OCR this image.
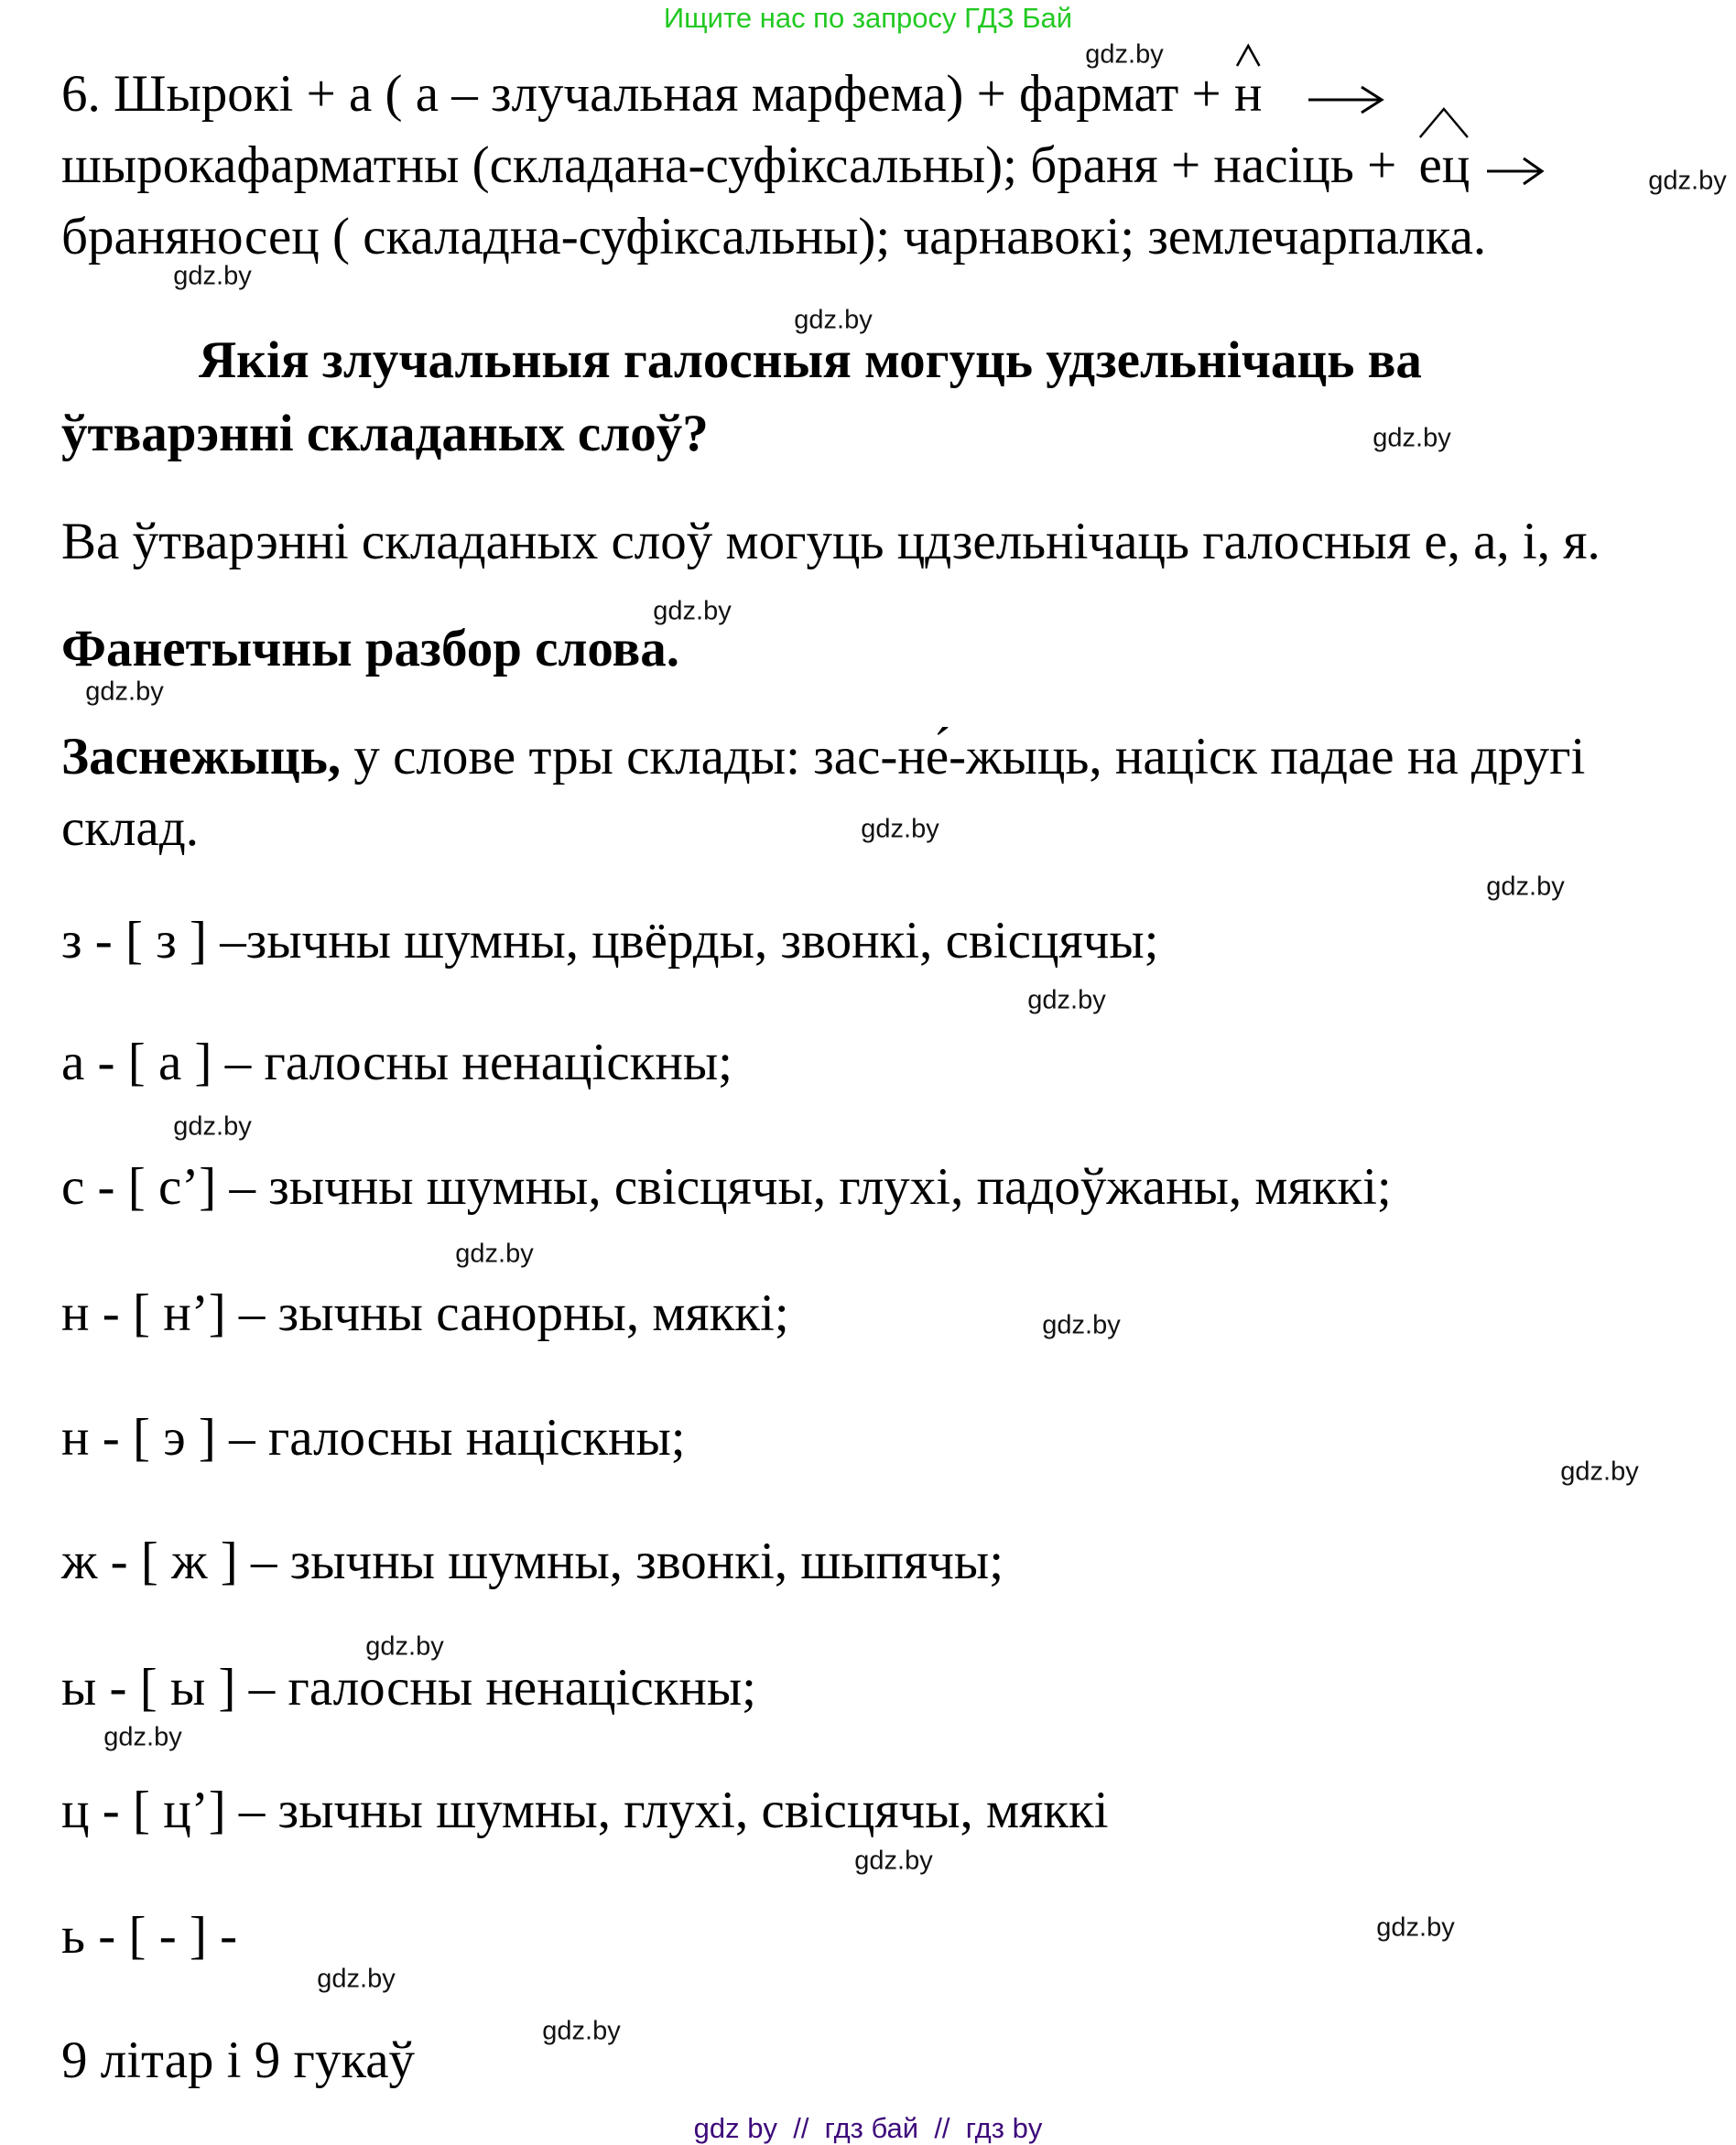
Ищите нас по запросу ГДЗ Бай
6. Шырокі + а ( а – злучальная марфема) + фармат +
н
шырокафарматны (складана-суфіксальны); браня + насіць +
ец
браняносец ( скаладна-суфіксальны); чарнавокі; землечарпалка.
Якія злучальныя галосныя могуць удзельнічаць ва
ўтварэнні складаных слоў?
Ва ўтварэнні складаных слоў могуць цдзельнічаць галосныя е, а, і, я.
Фанетычны разбор слова.
Заснежыць, у слове тры склады: зас-не́-жыць, націск падае на другі
склад.
з - [ з ] –зычны шумны, цвёрды, звонкі, свісцячы;
а - [ а ] – галосны ненаціскны;
с - [ с’] – зычны шумны, свісцячы, глухі, падоўжаны, мяккі;
н - [ н’] – зычны санорны, мяккі;
н - [ э ] – галосны націскны;
ж - [ ж ] – зычны шумны, звонкі, шыпячы;
ы - [ ы ] – галосны ненаціскны;
ц - [ ц’] – зычны шумны, глухі, свісцячы, мяккі
ь - [ - ] -
9 літар і 9 гукаў
gdz.by
gdz.by
gdz.by
gdz.by
gdz.by
gdz.by
gdz.by
gdz.by
gdz.by
gdz.by
gdz.by
gdz.by
gdz.by
gdz.by
gdz.by
gdz.by
gdz.by
gdz.by
gdz.by
gdz.by
gdz by  //  гдз бай  //  гдз by
